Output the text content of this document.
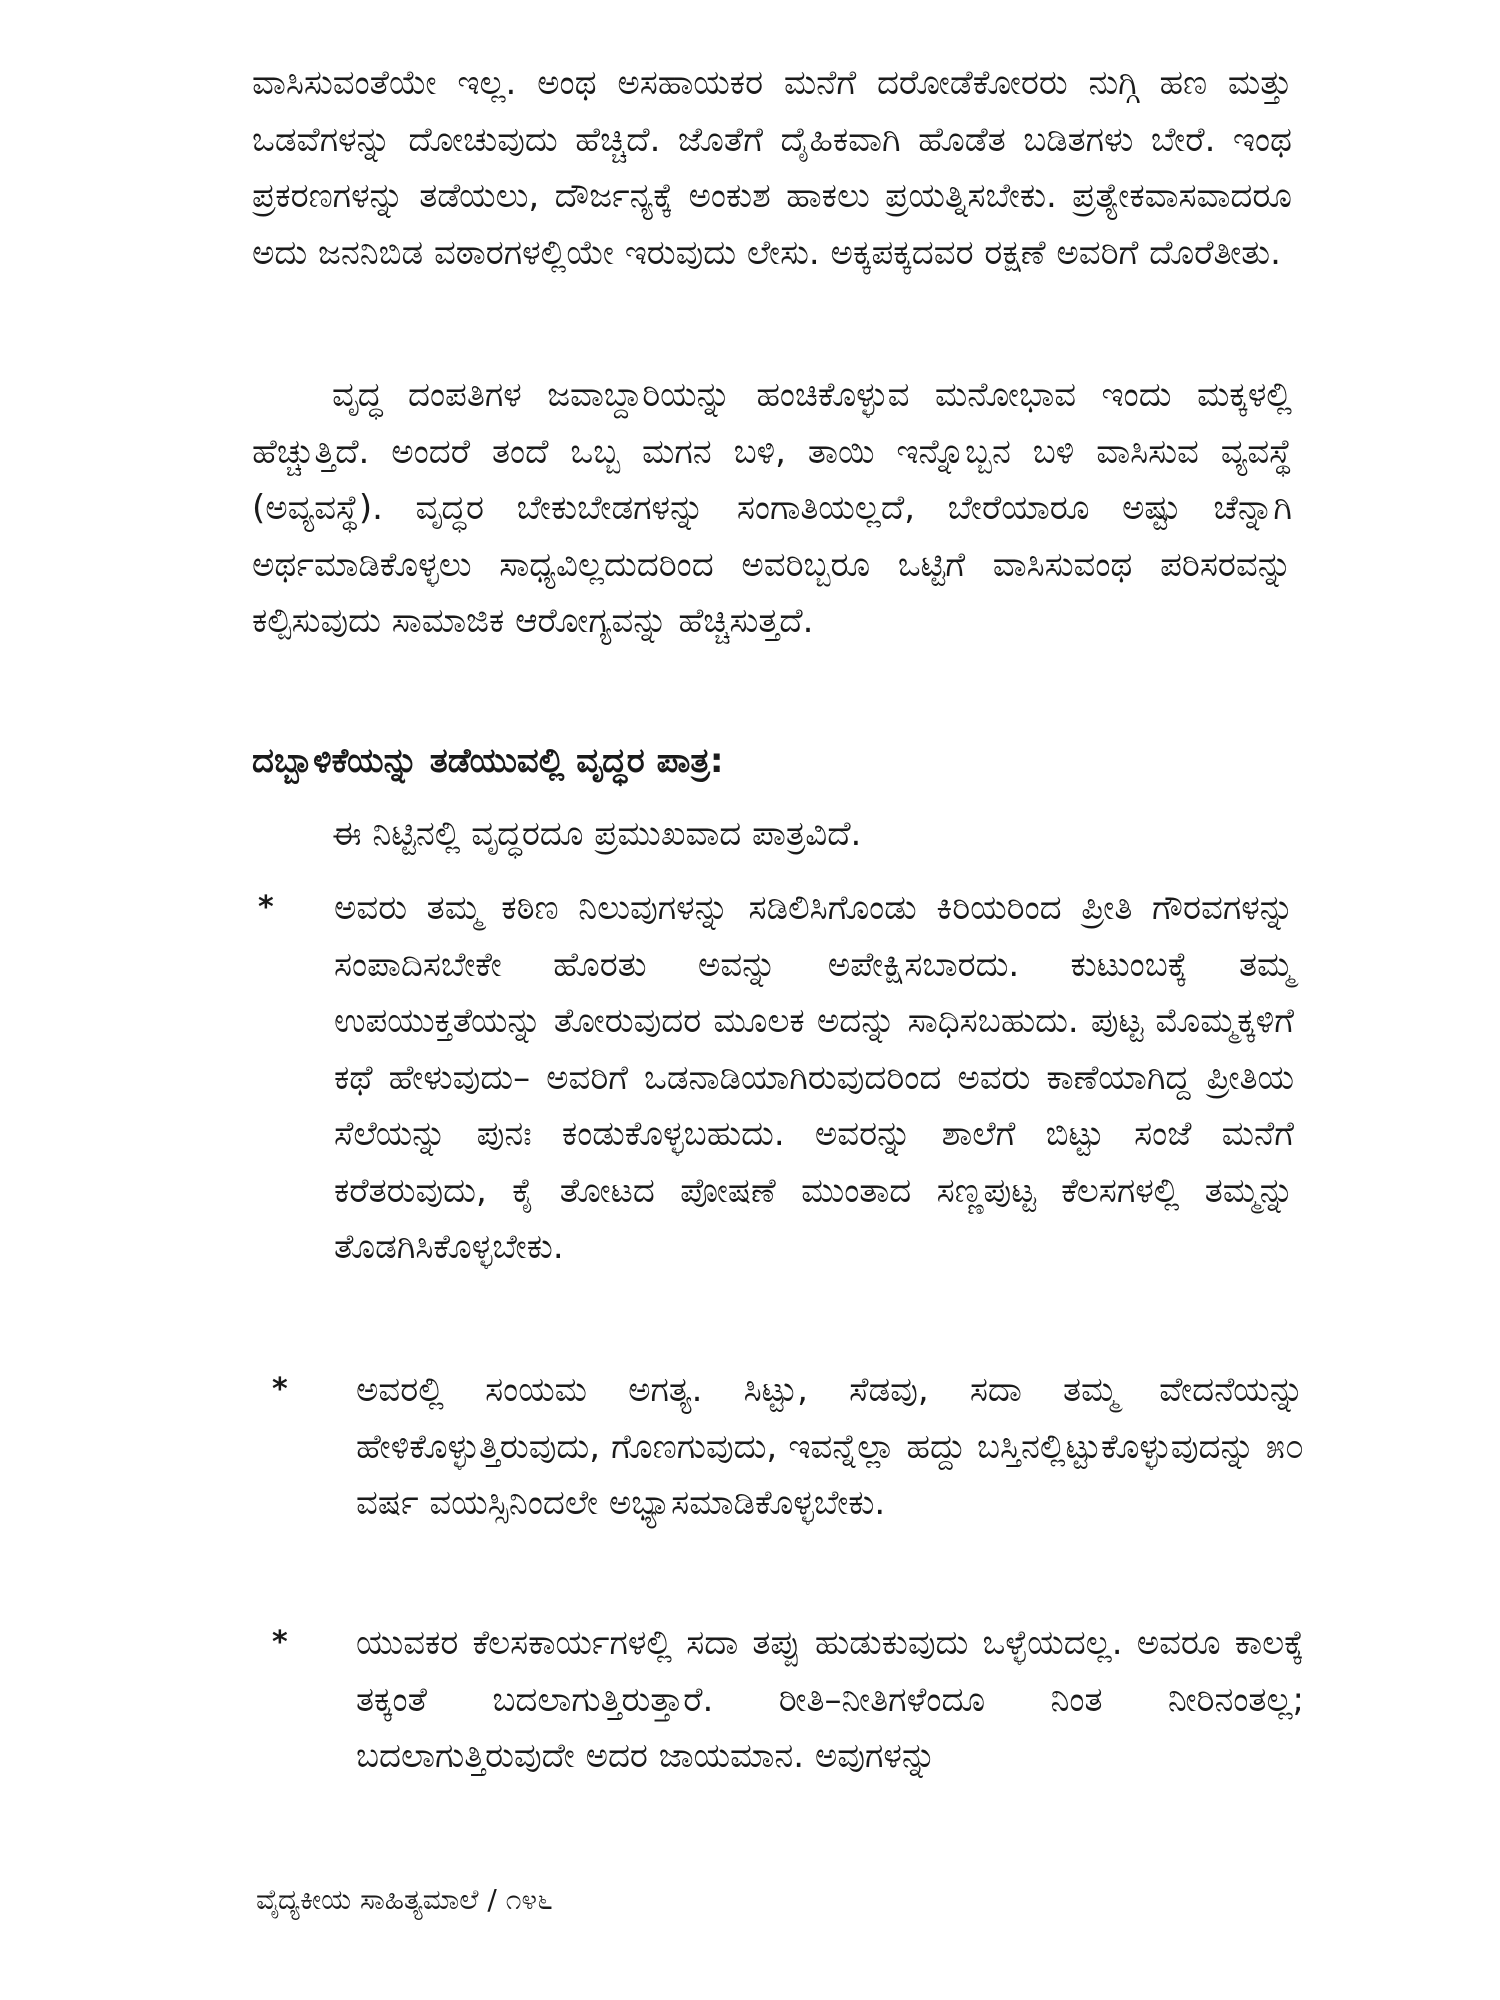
ವಾಸಿಸುವಂತೆಯೇ ಇಲ್ಲ. ಅಂಥ ಅಸಹಾಯಕರ ಮನೆಗೆ ದರೋಡೆಕೋರರು ನುಗ್ಗಿ ಹಣ ಮತ್ತು ಒಡವೆಗಳನ್ನು ದೋಚುವುದು ಹೆಚ್ಚಿದೆ. ಜೊತೆಗೆ ದೈಹಿಕವಾಗಿ ಹೊಡೆತ ಬಡಿತಗಳು ಬೇರೆ. ಇಂಥ ಪ್ರಕರಣಗಳನ್ನು ತಡೆಯಲು, ದೌರ್ಜನ್ಯಕ್ಕೆ ಅಂಕುಶ ಹಾಕಲು ಪ್ರಯತ್ನಿಸಬೇಕು. ಪ್ರತ್ಯೇಕವಾಸವಾದರೂ ಅದು ಜನನಿಬಿಡ ವಠಾರಗಳಲ್ಲಿಯೇ ಇರುವುದು ಲೇಸು. ಅಕ್ಕಪಕ್ಕದವರ ರಕ್ಷಣೆ ಅವರಿಗೆ ದೊರೆತೀತು.

ವೃದ್ಧ ದಂಪತಿಗಳ ಜವಾಬ್ದಾರಿಯನ್ನು ಹಂಚಿಕೊಳ್ಳುವ ಮನೋಭಾವ ಇಂದು ಮಕ್ಕಳಲ್ಲಿ ಹೆಚ್ಚುತ್ತಿದೆ. ಅಂದರೆ ತಂದೆ ಒಬ್ಬ ಮಗನ ಬಳಿ, ತಾಯಿ ಇನ್ನೊಬ್ಬನ ಬಳಿ ವಾಸಿಸುವ ವ್ಯವಸ್ಥೆ (ಅವ್ಯವಸ್ಥೆ). ವೃದ್ಧರ ಬೇಕುಬೇಡಗಳನ್ನು ಸಂಗಾತಿಯಲ್ಲದೆ, ಬೇರೆಯಾರೂ ಅಷ್ಟು ಚೆನ್ನಾಗಿ ಅರ್ಥಮಾಡಿಕೊಳ್ಳಲು ಸಾಧ್ಯವಿಲ್ಲದುದರಿಂದ ಅವರಿಬ್ಬರೂ ಒಟ್ಟಿಗೆ ವಾಸಿಸುವಂಥ ಪರಿಸರವನ್ನು ಕಲ್ಪಿಸುವುದು ಸಾಮಾಜಿಕ ಆರೋಗ್ಯವನ್ನು ಹೆಚ್ಚಿಸುತ್ತದೆ.

ದಬ್ಬಾಳಿಕೆಯನ್ನು ತಡೆಯುವಲ್ಲಿ ವೃದ್ಧರ ಪಾತ್ರ:

ಈ ನಿಟ್ಟಿನಲ್ಲಿ ವೃದ್ಧರದೂ ಪ್ರಮುಖವಾದ ಪಾತ್ರವಿದೆ.

* ಅವರು ತಮ್ಮ ಕಠಿಣ ನಿಲುವುಗಳನ್ನು ಸಡಿಲಿಸಿಗೊಂಡು ಕಿರಿಯರಿಂದ ಪ್ರೀತಿ ಗೌರವಗಳನ್ನು ಸಂಪಾದಿಸಬೇಕೇ ಹೊರತು ಅವನ್ನು ಅಪೇಕ್ಷಿಸಬಾರದು. ಕುಟುಂಬಕ್ಕೆ ತಮ್ಮ ಉಪಯುಕ್ತತೆಯನ್ನು ತೋರುವುದರ ಮೂಲಕ ಅದನ್ನು ಸಾಧಿಸಬಹುದು. ಪುಟ್ಟ ಮೊಮ್ಮಕ್ಕಳಿಗೆ ಕಥೆ ಹೇಳುವುದು– ಅವರಿಗೆ ಒಡನಾಡಿಯಾಗಿರುವುದರಿಂದ ಅವರು ಕಾಣೆಯಾಗಿದ್ದ ಪ್ರೀತಿಯ ಸೆಲೆಯನ್ನು ಪುನಃ ಕಂಡುಕೊಳ್ಳಬಹುದು. ಅವರನ್ನು ಶಾಲೆಗೆ ಬಿಟ್ಟು ಸಂಜೆ ಮನೆಗೆ ಕರೆತರುವುದು, ಕೈ ತೋಟದ ಪೋಷಣೆ ಮುಂತಾದ ಸಣ್ಣಪುಟ್ಟ ಕೆಲಸಗಳಲ್ಲಿ ತಮ್ಮನ್ನು ತೊಡಗಿಸಿಕೊಳ್ಳಬೇಕು.

* ಅವರಲ್ಲಿ ಸಂಯಮ ಅಗತ್ಯ. ಸಿಟ್ಟು, ಸೆಡವು, ಸದಾ ತಮ್ಮ ವೇದನೆಯನ್ನು ಹೇಳಿಕೊಳ್ಳುತ್ತಿರುವುದು, ಗೊಣಗುವುದು, ಇವನ್ನೆಲ್ಲಾ ಹದ್ದು ಬಸ್ತಿನಲ್ಲಿಟ್ಟುಕೊಳ್ಳುವುದನ್ನು ೫೦ ವರ್ಷ ವಯಸ್ಸಿನಿಂದಲೇ ಅಭ್ಯಾಸಮಾಡಿಕೊಳ್ಳಬೇಕು.

* ಯುವಕರ ಕೆಲಸಕಾರ್ಯಗಳಲ್ಲಿ ಸದಾ ತಪ್ಪು ಹುಡುಕುವುದು ಒಳ್ಳೆಯದಲ್ಲ. ಅವರೂ ಕಾಲಕ್ಕೆ ತಕ್ಕಂತೆ ಬದಲಾಗುತ್ತಿರುತ್ತಾರೆ. ರೀತಿ–ನೀತಿಗಳೆಂದೂ ನಿಂತ ನೀರಿನಂತಲ್ಲ; ಬದಲಾಗುತ್ತಿರುವುದೇ ಅದರ ಜಾಯಮಾನ. ಅವುಗಳನ್ನು

ವೈದ್ಯಕೀಯ ಸಾಹಿತ್ಯಮಾಲೆ / ೧೪೬
